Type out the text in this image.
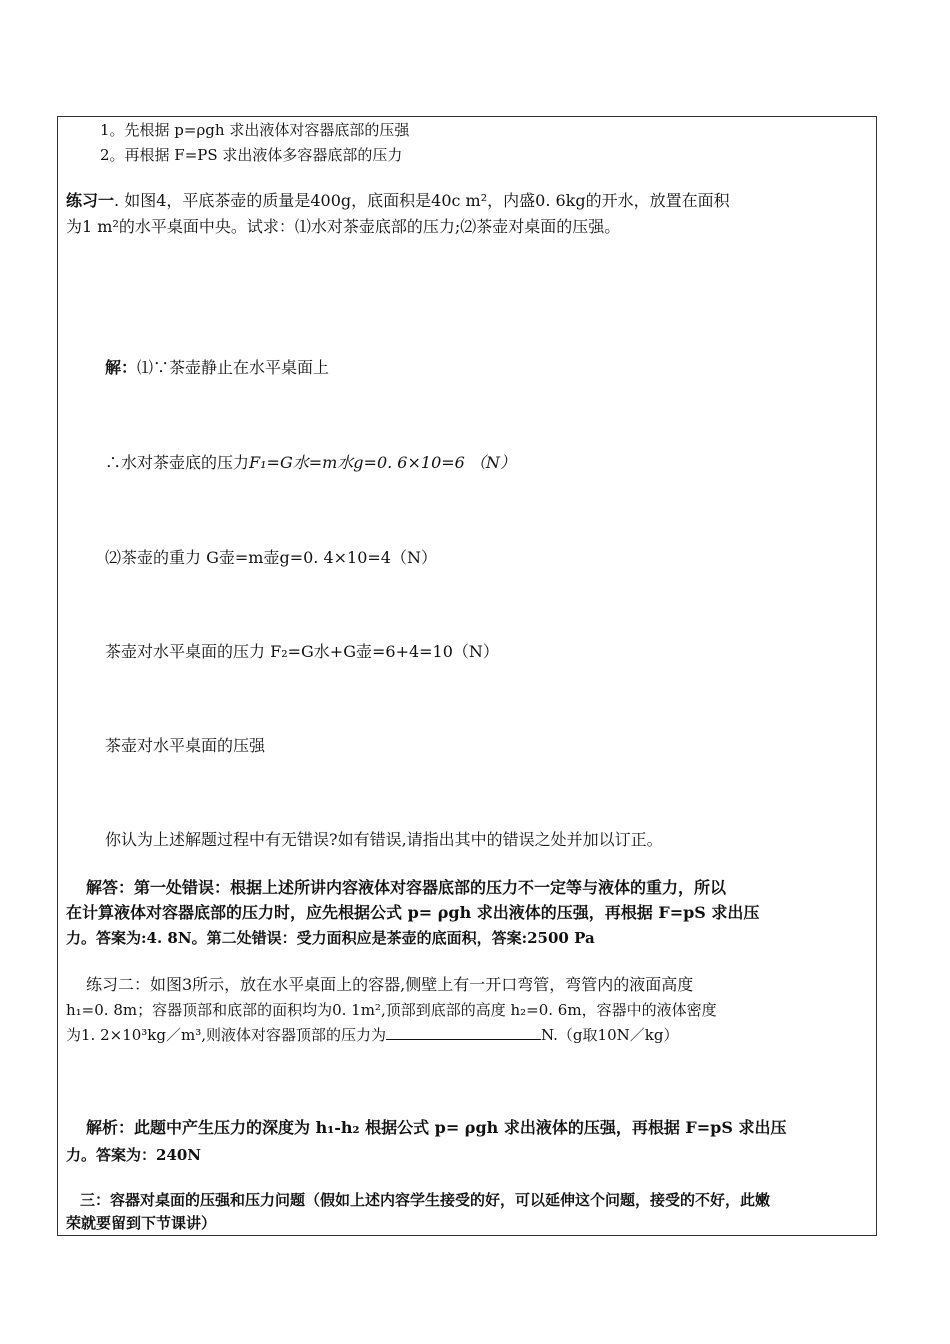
1。先根据 p=ρgh 求出液体对容器底部的压强
2。再根据 F=PS 求出液体多容器底部的压力
练习一. 如图4，平底茶壶的质量是400g，底面积是40c m²，内盛0. 6kg的开水，放置在面积
为1 m²的水平桌面中央。试求：⑴水对茶壶底部的压力;⑵茶壶对桌面的压强。
解：⑴∵茶壶静止在水平桌面上
∴水对茶壶底的压力F₁=G水=m水g=0. 6×10=6 （N）
⑵茶壶的重力 G壶=m壶g=0. 4×10=4（N）
茶壶对水平桌面的压力 F₂=G水+G壶=6+4=10（N）
茶壶对水平桌面的压强
你认为上述解题过程中有无错误?如有错误,请指出其中的错误之处并加以订正。
解答：第一处错误：根据上述所讲内容液体对容器底部的压力不一定等与液体的重力，所以
在计算液体对容器底部的压力时，应先根据公式 p= ρgh 求出液体的压强，再根据 F=pS 求出压
力。答案为:4. 8N。第二处错误：受力面积应是茶壶的底面积，答案:2500 Pa
练习二：如图3所示，放在水平桌面上的容器,侧壁上有一开口弯管，弯管内的液面高度
h₁=0. 8m；容器顶部和底部的面积均为0. 1m²,顶部到底部的高度 h₂=0. 6m，容器中的液体密度
为1. 2×10³kg／m³,则液体对容器顶部的压力为	N.（g取10N／kg）
解析：此题中产生压力的深度为 h₁-h₂ 根据公式 p= ρgh 求出液体的压强，再根据 F=pS 求出压
力。答案为：240N
三：容器对桌面的压强和压力问题（假如上述内容学生接受的好，可以延伸这个问题，接受的不好，此嫩
荣就要留到下节课讲）
